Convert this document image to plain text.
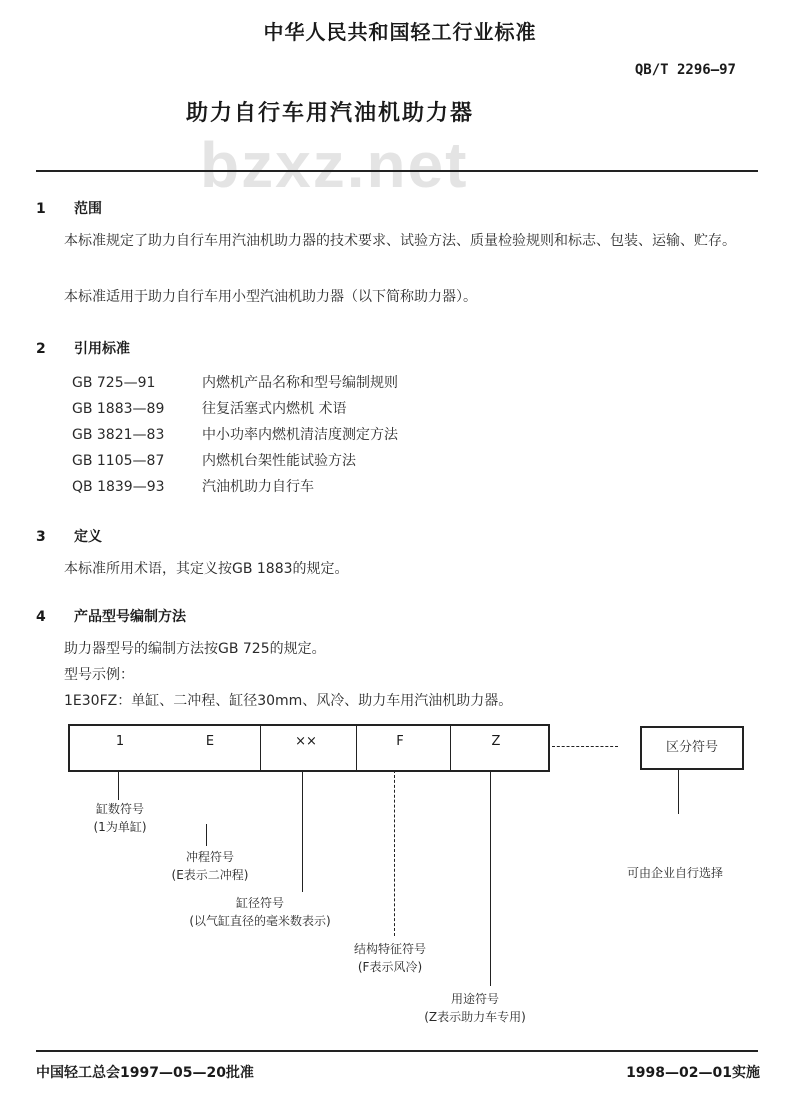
中华人民共和国轻工行业标准
QB/T 2296—97
bzxz.net
助力自行车用汽油机助力器
1 范围
本标准规定了助力自行车用汽油机助力器的技术要求、试验方法、质量检验规则和标志、包装、运输、贮存。
本标准适用于助力自行车用小型汽油机助力器（以下简称助力器）。
2 引用标准
GB 725—91	内燃机产品名称和型号编制规则
GB 1883—89	往复活塞式内燃机 术语
GB 3821—83	中小功率内燃机清洁度测定方法
GB 1105—87	内燃机台架性能试验方法
QB 1839—93	汽油机助力自行车
3 定义
本标准所用术语，其定义按GB 1883的规定。
4 产品型号编制方法
助力器型号的编制方法按GB 725的规定。
型号示例：
1E30FZ：单缸、二冲程、缸径30mm、风冷、助力车用汽油机助力器。
1	E	××	F	Z	区分符号
缸数符号
(1为单缸)
冲程符号
(E表示二冲程)
缸径符号
(以气缸直径的毫米数表示)
结构特征符号
(F表示风冷)
用途符号
(Z表示助力车专用)
可由企业自行选择
中国轻工总会1997—05—20批准	1998—02—01实施
